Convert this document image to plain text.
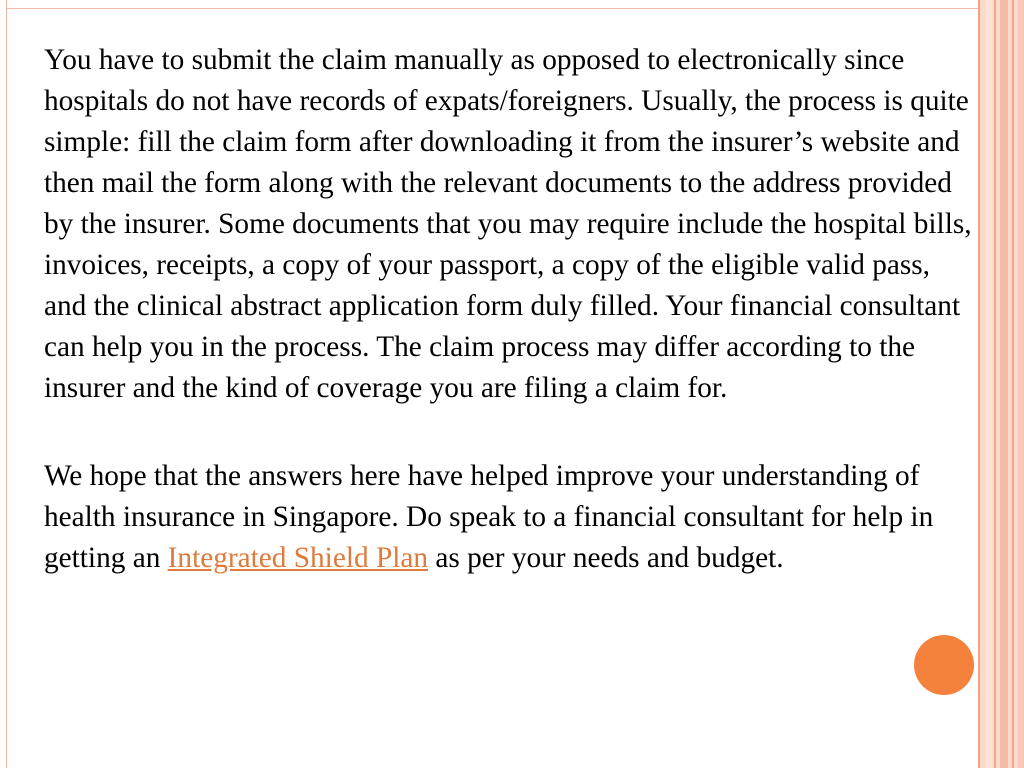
You have to submit the claim manually as opposed to electronically since hospitals do not have records of expats/foreigners. Usually, the process is quite simple: fill the claim form after downloading it from the insurer’s website and then mail the form along with the relevant documents to the address provided by the insurer. Some documents that you may require include the hospital bills, invoices, receipts, a copy of your passport, a copy of the eligible valid pass, and the clinical abstract application form duly filled. Your financial consultant can help you in the process. The claim process may differ according to the insurer and the kind of coverage you are filing a claim for.

We hope that the answers here have helped improve your understanding of health insurance in Singapore. Do speak to a financial consultant for help in getting an Integrated Shield Plan as per your needs and budget.
